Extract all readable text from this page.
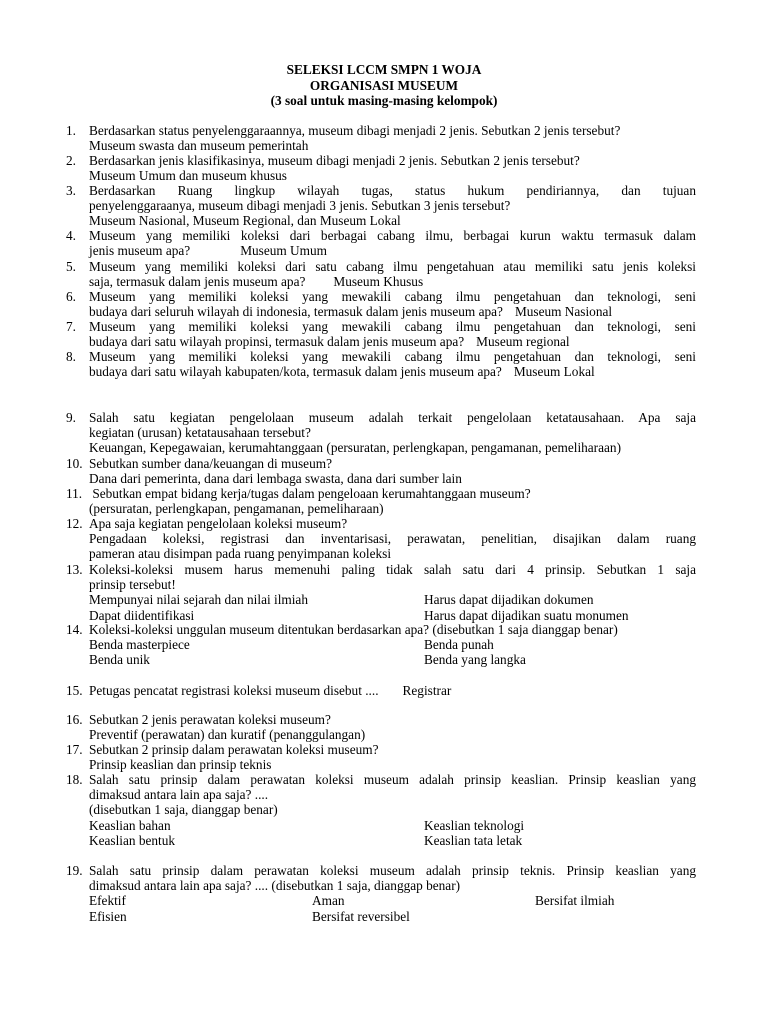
SELEKSI LCCM SMPN 1 WOJA
ORGANISASI MUSEUM
(3 soal untuk masing-masing kelompok)
1. Berdasarkan status penyelenggaraannya, museum dibagi menjadi 2 jenis. Sebutkan 2 jenis tersebut?
Museum swasta dan museum pemerintah
2. Berdasarkan jenis klasifikasinya, museum dibagi menjadi 2 jenis. Sebutkan 2 jenis tersebut?
Museum Umum dan museum khusus
3. Berdasarkan Ruang lingkup wilayah tugas, status hukum pendiriannya, dan tujuan
penyelenggaraanya, museum dibagi menjadi 3 jenis. Sebutkan 3 jenis tersebut?
Museum Nasional, Museum Regional, dan Museum Lokal
4. Museum yang memiliki koleksi dari berbagai cabang ilmu, berbagai kurun waktu termasuk dalam
jenis museum apa?	Museum Umum
5. Museum yang memiliki koleksi dari satu cabang ilmu pengetahuan atau memiliki satu jenis koleksi
saja, termasuk dalam jenis museum apa? Museum Khusus
6. Museum yang memiliki koleksi yang mewakili cabang ilmu pengetahuan dan teknologi, seni
budaya dari seluruh wilayah di indonesia, termasuk dalam jenis museum apa? Museum Nasional
7. Museum yang memiliki koleksi yang mewakili cabang ilmu pengetahuan dan teknologi, seni
budaya dari satu wilayah propinsi, termasuk dalam jenis museum apa? Museum regional
8. Museum yang memiliki koleksi yang mewakili cabang ilmu pengetahuan dan teknologi, seni
budaya dari satu wilayah kabupaten/kota, termasuk dalam jenis museum apa? Museum Lokal
9. Salah satu kegiatan pengelolaan museum adalah terkait pengelolaan ketatausahaan. Apa saja
kegiatan (urusan) ketatausahaan tersebut?
Keuangan, Kepegawaian, kerumahtanggaan (persuratan, perlengkapan, pengamanan, pemeliharaan)
10. Sebutkan sumber dana/keuangan di museum?
Dana dari pemerinta, dana dari lembaga swasta, dana dari sumber lain
11. Sebutkan empat bidang kerja/tugas dalam pengeloaan kerumahtanggaan museum?
(persuratan, perlengkapan, pengamanan, pemeliharaan)
12. Apa saja kegiatan pengelolaan koleksi museum?
Pengadaan koleksi, registrasi dan inventarisasi, perawatan, penelitian, disajikan dalam ruang
pameran atau disimpan pada ruang penyimpanan koleksi
13. Koleksi-koleksi musem harus memenuhi paling tidak salah satu dari 4 prinsip. Sebutkan 1 saja
prinsip tersebut!
Mempunyai nilai sejarah dan nilai ilmiah	Harus dapat dijadikan dokumen
Dapat diidentifikasi	Harus dapat dijadikan suatu monumen
14. Koleksi-koleksi unggulan museum ditentukan berdasarkan apa? (disebutkan 1 saja dianggap benar)
Benda masterpiece	Benda punah
Benda unik	Benda yang langka
15. Petugas pencatat registrasi koleksi museum disebut .... Registrar
16. Sebutkan 2 jenis perawatan koleksi museum?
Preventif (perawatan) dan kuratif (penanggulangan)
17. Sebutkan 2 prinsip dalam perawatan koleksi museum?
Prinsip keaslian dan prinsip teknis
18. Salah satu prinsip dalam perawatan koleksi museum adalah prinsip keaslian. Prinsip keaslian yang
dimaksud antara lain apa saja? ....
(disebutkan 1 saja, dianggap benar)
Keaslian bahan	Keaslian teknologi
Keaslian bentuk	Keaslian tata letak
19. Salah satu prinsip dalam perawatan koleksi museum adalah prinsip teknis. Prinsip keaslian yang
dimaksud antara lain apa saja? .... (disebutkan 1 saja, dianggap benar)
Efektif	Aman	Bersifat ilmiah
Efisien	Bersifat reversibel
